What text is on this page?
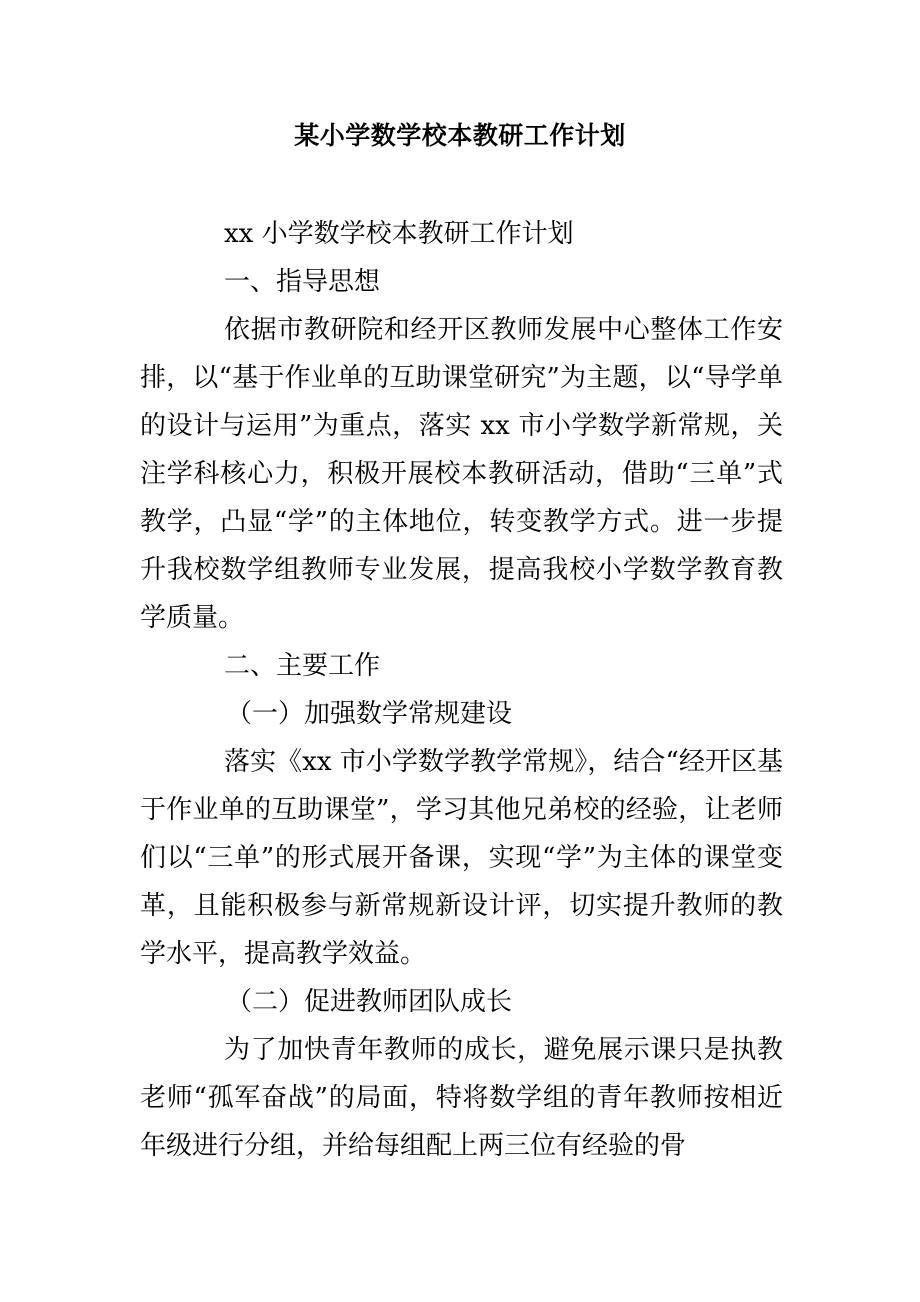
某小学数学校本教研工作计划

xx 小学数学校本教研工作计划

一、指导思想

依据市教研院和经开区教师发展中心整体工作安排，以“基于作业单的互助课堂研究”为主题，以“导学单的设计与运用”为重点，落实 xx 市小学数学新常规，关注学科核心力，积极开展校本教研活动，借助“三单”式教学，凸显“学”的主体地位，转变教学方式。进一步提升我校数学组教师专业发展，提高我校小学数学教育教学质量。

二、主要工作

（一）加强数学常规建设

落实《xx 市小学数学教学常规》，结合“经开区基于作业单的互助课堂”，学习其他兄弟校的经验，让老师们以“三单”的形式展开备课，实现“学”为主体的课堂变革，且能积极参与新常规新设计评，切实提升教师的教学水平，提高教学效益。

（二）促进教师团队成长

为了加快青年教师的成长，避免展示课只是执教老师“孤军奋战”的局面，特将数学组的青年教师按相近年级进行分组，并给每组配上两三位有经验的骨
